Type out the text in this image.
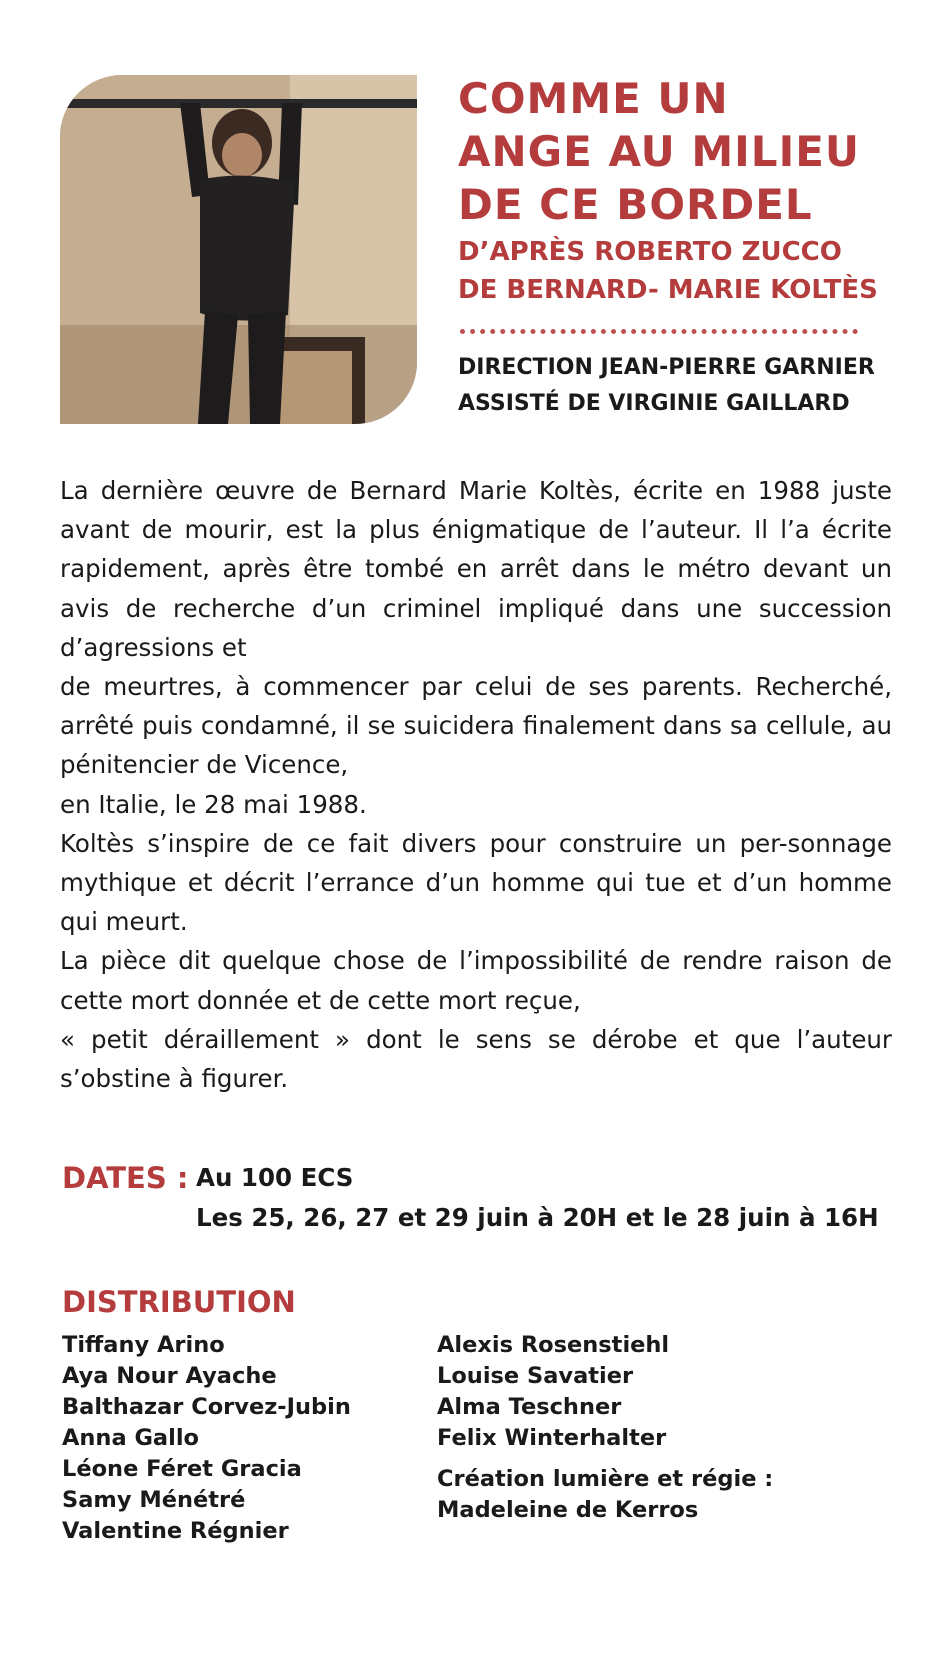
COMME UN
ANGE AU MILIEU
DE CE BORDEL
D’APRÈS ROBERTO ZUCCO
DE BERNARD- MARIE KOLTÈS
DIRECTION JEAN-PIERRE GARNIER
ASSISTÉ DE VIRGINIE GAILLARD

La dernière œuvre de Bernard Marie Koltès, écrite en 1988 juste avant de mourir, est la plus énigmatique de l’auteur. Il l’a écrite rapidement, après être tombé en arrêt dans le métro devant un avis de recherche d’un criminel impliqué dans une succession d’agressions et

de meurtres, à commencer par celui de ses parents. Recherché, arrêté puis condamné, il se suicidera finalement dans sa cellule, au pénitencier de Vicence,

en Italie, le 28 mai 1988.

Koltès s’inspire de ce fait divers pour construire un per-sonnage mythique et décrit l’errance d’un homme qui tue et d’un homme qui meurt.

La pièce dit quelque chose de l’impossibilité de rendre raison de cette mort donnée et de cette mort reçue,

« petit déraillement » dont le sens se dérobe et que l’auteur s’obstine à figurer.

DATES : Au 100 ECS
Les 25, 26, 27 et 29 juin à 20H et le 28 juin à 16H
DISTRIBUTION
Tiffany Arino
Aya Nour Ayache
Balthazar Corvez-Jubin
Anna Gallo
Léone Féret Gracia
Samy Ménétré
Valentine Régnier
Alexis Rosenstiehl
Louise Savatier
Alma Teschner
Felix Winterhalter
Création lumière et régie :
Madeleine de Kerros
